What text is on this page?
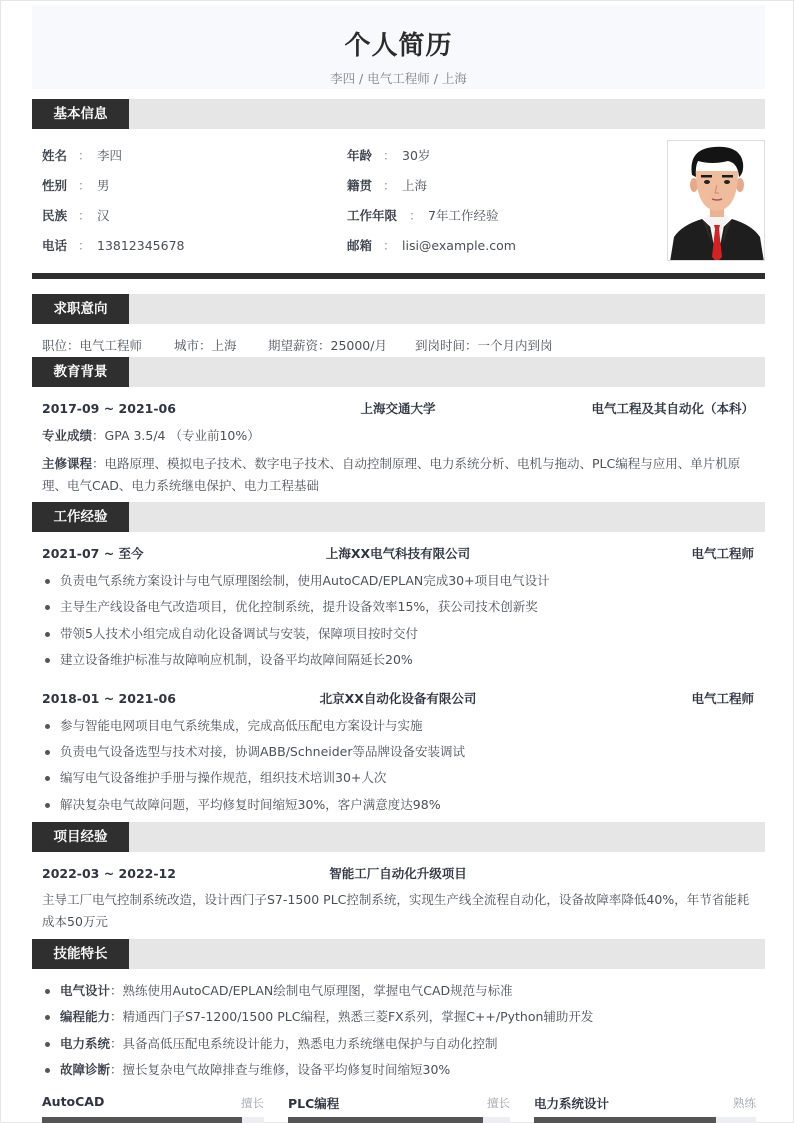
个人简历
李四 / 电气工程师 / 上海
基本信息
姓名 ： 李四
性别 ： 男
民族 ： 汉
电话 ： 13812345678
年龄 ： 30岁
籍贯 ： 上海
工作年限 ： 7年工作经验
邮箱 ： lisi@example.com
求职意向
职位：电气工程师	城市：上海	期望薪资：25000/月 到岗时间：一个月内到岗
教育背景
2017-09 ~ 2021-06	上海交通大学	电气工程及其自动化（本科）
专业成绩：GPA 3.5/4 （专业前10%）
主修课程：电路原理、模拟电子技术、数字电子技术、自动控制原理、电力系统分析、电机与拖动、PLC编程与应用、单片机原理、电气CAD、电力系统继电保护、电力工程基础
工作经验
2021-07 ~ 至今	上海XX电气科技有限公司	电气工程师
负责电气系统方案设计与电气原理图绘制，使用AutoCAD/EPLAN完成30+项目电气设计
主导生产线设备电气改造项目，优化控制系统，提升设备效率15%，获公司技术创新奖
带领5人技术小组完成自动化设备调试与安装，保障项目按时交付
建立设备维护标准与故障响应机制，设备平均故障间隔延长20%
2018-01 ~ 2021-06	北京XX自动化设备有限公司	电气工程师
参与智能电网项目电气系统集成，完成高低压配电方案设计与实施
负责电气设备选型与技术对接，协调ABB/Schneider等品牌设备安装调试
编写电气设备维护手册与操作规范，组织技术培训30+人次
解决复杂电气故障问题，平均修复时间缩短30%，客户满意度达98%
项目经验
2022-03 ~ 2022-12	智能工厂自动化升级项目
主导工厂电气控制系统改造，设计西门子S7-1500 PLC控制系统，实现生产线全流程自动化，设备故障率降低40%，年节省能耗成本50万元
技能特长
电气设计：熟练使用AutoCAD/EPLAN绘制电气原理图，掌握电气CAD规范与标准
编程能力：精通西门子S7-1200/1500 PLC编程，熟悉三菱FX系列，掌握C++/Python辅助开发
电力系统：具备高低压配电系统设计能力，熟悉电力系统继电保护与自动化控制
故障诊断：擅长复杂电气故障排查与维修，设备平均修复时间缩短30%
AutoCAD	擅长 PLC编程	擅长 电力系统设计	熟练
